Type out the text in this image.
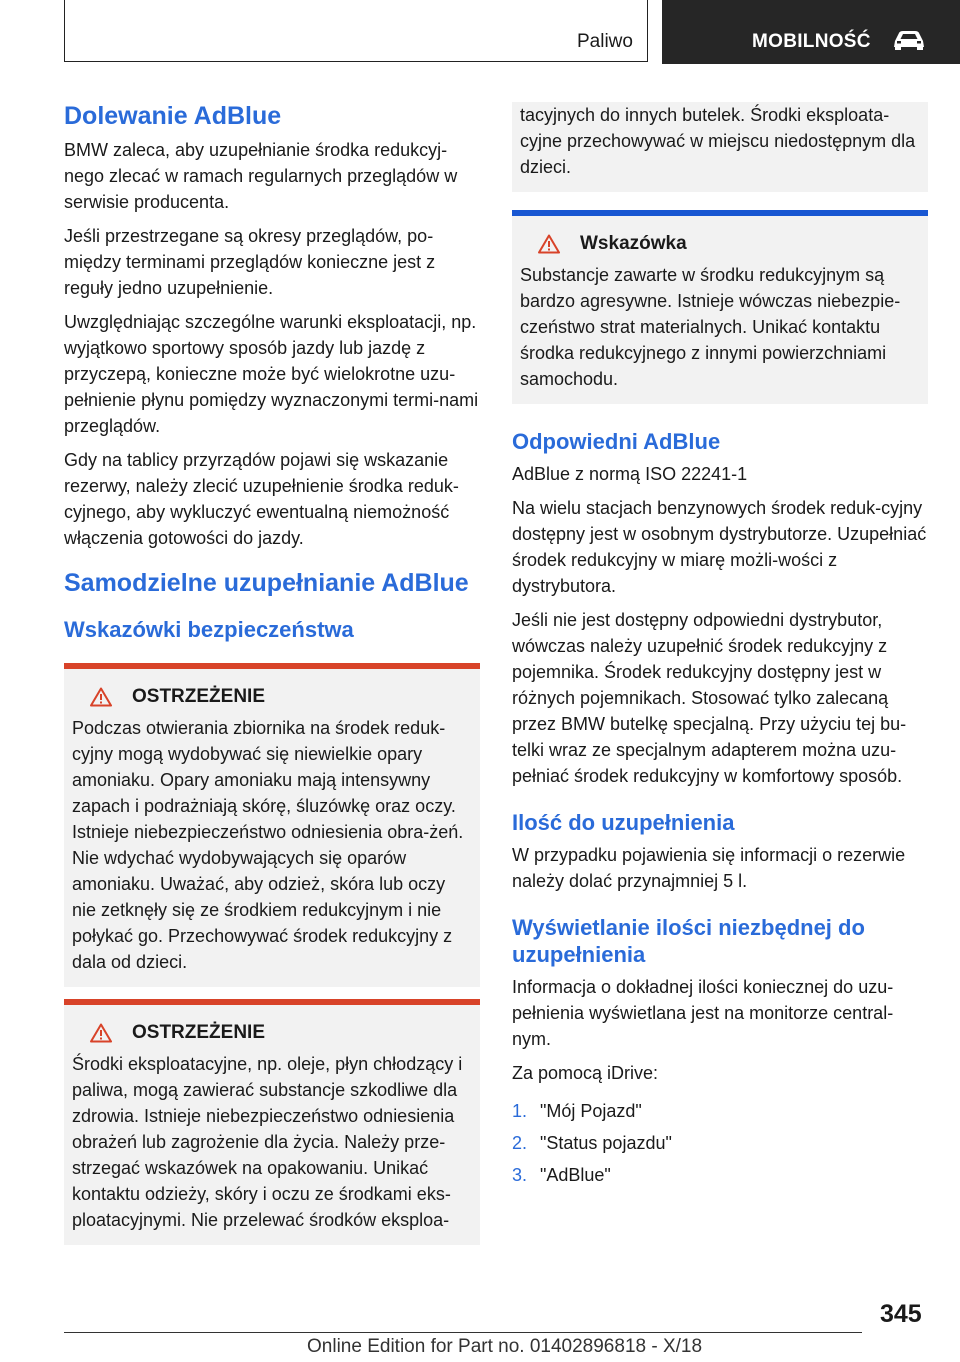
Paliwo	MOBILNOŚĆ
Dolewanie AdBlue

BMW zaleca, aby uzupełnianie środka redukcyj‐nego zlecać w ramach regularnych przeglądów w serwisie producenta.

Jeśli przestrzegane są okresy przeglądów, po‐między terminami przeglądów konieczne jest z reguły jedno uzupełnienie.

Uwzględniając szczególne warunki eksploatacji, np. wyjątkowo sportowy sposób jazdy lub jazdę z przyczepą, konieczne może być wielokrotne uzu‐pełnienie płynu pomiędzy wyznaczonymi termi‐nami przeglądów.

Gdy na tablicy przyrządów pojawi się wskazanie rezerwy, należy zlecić uzupełnienie środka reduk‐cyjnego, aby wykluczyć ewentualną niemożność włączenia gotowości do jazdy.

Samodzielne uzupełnianie AdBlue
Wskazówki bezpieczeństwa
OSTRZEŻENIE

Podczas otwierania zbiornika na środek reduk‐cyjny mogą wydobywać się niewielkie opary amoniaku. Opary amoniaku mają intensywny zapach i podrażniają skórę, śluzówkę oraz oczy. Istnieje niebezpieczeństwo odniesienia obra‐żeń. Nie wdychać wydobywających się oparów amoniaku. Uważać, aby odzież, skóra lub oczy nie zetknęły się ze środkiem redukcyjnym i nie połykać go. Przechowywać środek redukcyjny z dala od dzieci.

OSTRZEŻENIE

Środki eksploatacyjne, np. oleje, płyn chłodzący i paliwa, mogą zawierać substancje szkodliwe dla zdrowia. Istnieje niebezpieczeństwo odniesienia obrażeń lub zagrożenie dla życia. Należy prze‐strzegać wskazówek na opakowaniu. Unikać kontaktu odzieży, skóry i oczu ze środkami eks‐ploatacyjnymi. Nie przelewać środków eksploa‐

tacyjnych do innych butelek. Środki eksploata‐cyjne przechowywać w miejscu niedostępnym dla dzieci.

Wskazówka

Substancje zawarte w środku redukcyjnym są bardzo agresywne. Istnieje wówczas niebezpie‐czeństwo strat materialnych. Unikać kontaktu środka redukcyjnego z innymi powierzchniami samochodu.

Odpowiedni AdBlue

AdBlue z normą ISO 22241-1

Na wielu stacjach benzynowych środek reduk‐cyjny dostępny jest w osobnym dystrybutorze. Uzupełniać środek redukcyjny w miarę możli‐wości z dystrybutora.

Jeśli nie jest dostępny odpowiedni dystrybutor, wówczas należy uzupełnić środek redukcyjny z pojemnika. Środek redukcyjny dostępny jest w różnych pojemnikach. Stosować tylko zalecaną przez BMW butelkę specjalną. Przy użyciu tej bu‐telki wraz ze specjalnym adapterem można uzu‐pełniać środek redukcyjny w komfortowy sposób.

Ilość do uzupełnienia

W przypadku pojawienia się informacji o rezerwie należy dolać przynajmniej 5 l.

Wyświetlanie ilości niezbędnej do uzupełnienia

Informacja o dokładnej ilości koniecznej do uzu‐pełnienia wyświetlana jest na monitorze central‐nym.

Za pomocą iDrive:

1. "Mój Pojazd"
2. "Status pojazdu"
3. "AdBlue"
345
Online Edition for Part no. 01402896818 - X/18
